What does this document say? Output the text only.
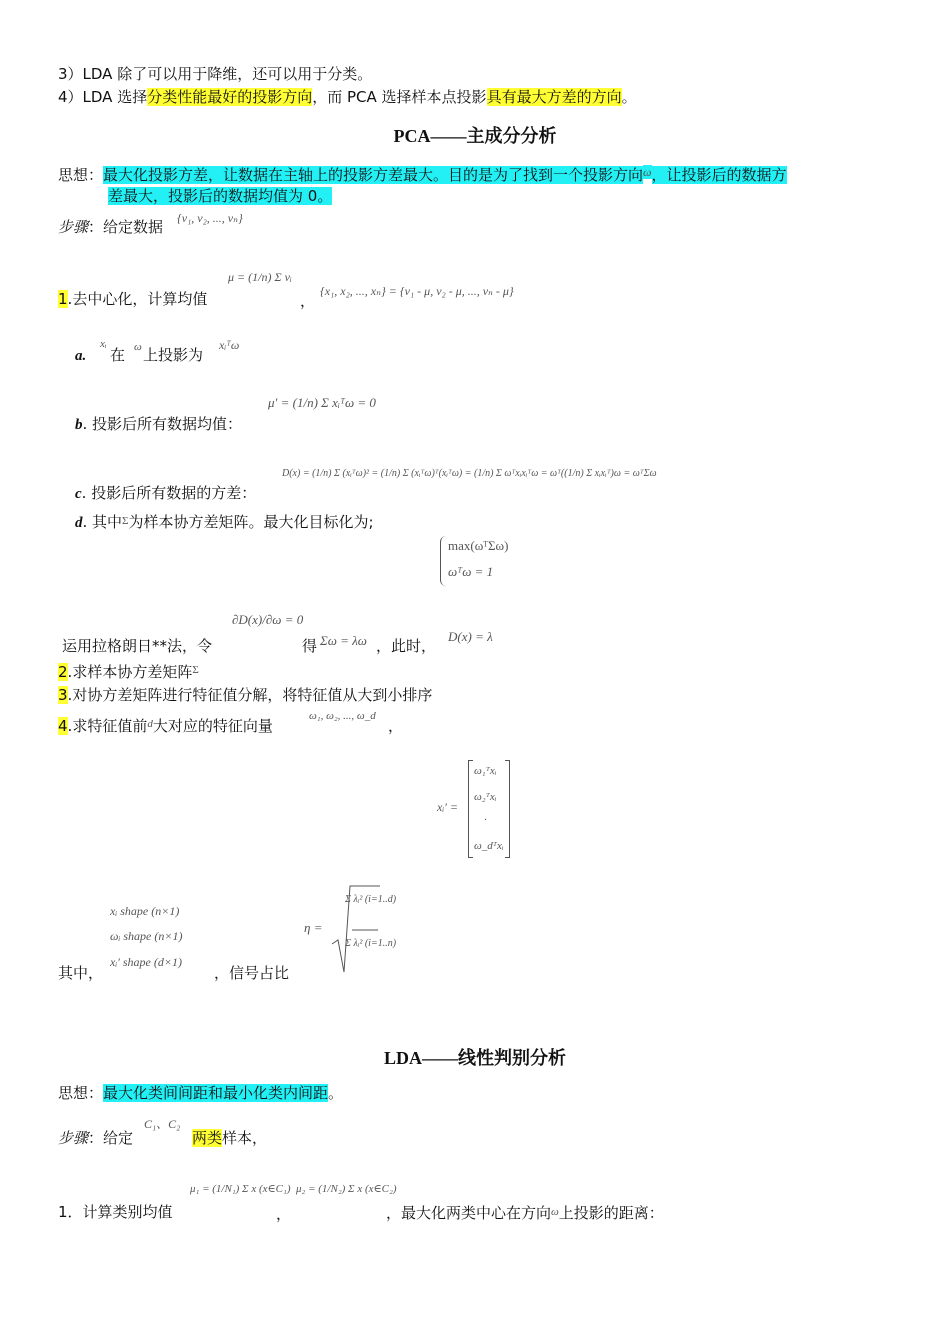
3）LDA 除了可以用于降维，还可以用于分类。
4）LDA 选择分类性能最好的投影方向，而 PCA 选择样本点投影具有最大方差的方向。
PCA——主成分分析
思想：最大化投影方差，让数据在主轴上的投影方差最大。目的是为了找到一个投影方向$^\omega$，让投影后的数据方
差最大，投影后的数据均值为 0。
步骤：给定数据 {v₁, v₂, ..., vₙ}
1.去中心化，计算均值
μ = (1/n) Σ vᵢ
，
{x₁, x₂, ..., xₙ} = {v₁ - μ, v₂ - μ, ..., vₙ - μ}
a.
xᵢ
在 ω 上投影为
xᵢᵀω
b. 投影后所有数据均值：
μ′ = (1/n) Σ xᵢᵀω = 0
c. 投影后所有数据的方差：
D(x) = (1/n) Σ (xᵢᵀω)² = (1/n) Σ (xᵢᵀω)ᵀ(xᵢᵀω) = (1/n) Σ ωᵀxᵢxᵢᵀω = ωᵀ((1/n) Σ xᵢxᵢᵀ)ω = ωᵀΣω
d. 其中$^\Sigma$为样本协方差矩阵。最大化目标化为;
max(ωᵀΣω)
ωᵀω = 1
运用拉格朗日**法，令
∂D(x)/∂ω = 0
得 Σω = λω ，此时，
D(x) = λ
2.求样本协方差矩阵$^\Sigma$
3.对协方差矩阵进行特征值分解，将特征值从大到小排序
4.求特征值前$^d$大对应的特征向量
ω₁, ω₂, ..., ω_d
，
xᵢ′ =
ω₁ᵀxᵢ
ω₂ᵀxᵢ
·
ω_dᵀxᵢ
xᵢ shape (n×1)
ωᵢ shape (n×1)
xᵢ′ shape (d×1)
其中，	，信号占比
η =
Σ λᵢ² (i=1..d)
Σ λᵢ² (i=1..n)
LDA——线性判别分析
思想：最大化类间间距和最小化类内间距。
步骤：给定
C₁、C₂
两类样本，
1．计算类别均值
μ₁ = (1/N₁) Σ x (x∈C₁)
，
μ₂ = (1/N₂) Σ x (x∈C₂)
，最大化两类中心在方向$^\omega$上投影的距离：
